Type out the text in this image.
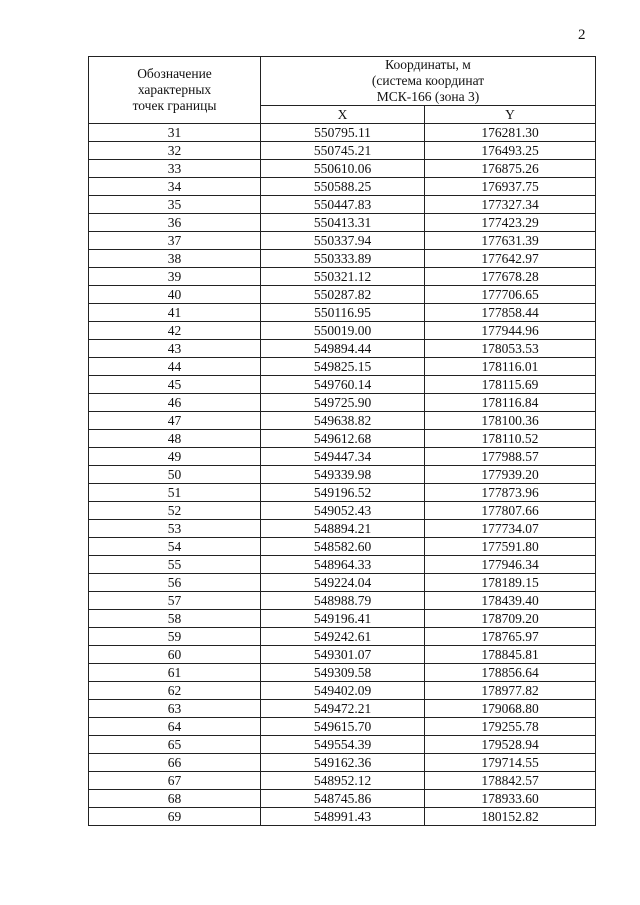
2
Обозначение
характерных
точек границы	Координаты, м
(система координат
МСК-166 (зона 3)	

	X	Y
31	550795.11	176281.30
32	550745.21	176493.25
33	550610.06	176875.26
34	550588.25	176937.75
35	550447.83	177327.34
36	550413.31	177423.29
37	550337.94	177631.39
38	550333.89	177642.97
39	550321.12	177678.28
40	550287.82	177706.65
41	550116.95	177858.44
42	550019.00	177944.96
43	549894.44	178053.53
44	549825.15	178116.01
45	549760.14	178115.69
46	549725.90	178116.84
47	549638.82	178100.36
48	549612.68	178110.52
49	549447.34	177988.57
50	549339.98	177939.20
51	549196.52	177873.96
52	549052.43	177807.66
53	548894.21	177734.07
54	548582.60	177591.80
55	548964.33	177946.34
56	549224.04	178189.15
57	548988.79	178439.40
58	549196.41	178709.20
59	549242.61	178765.97
60	549301.07	178845.81
61	549309.58	178856.64
62	549402.09	178977.82
63	549472.21	179068.80
64	549615.70	179255.78
65	549554.39	179528.94
66	549162.36	179714.55
67	548952.12	178842.57
68	548745.86	178933.60
69	548991.43	180152.82
